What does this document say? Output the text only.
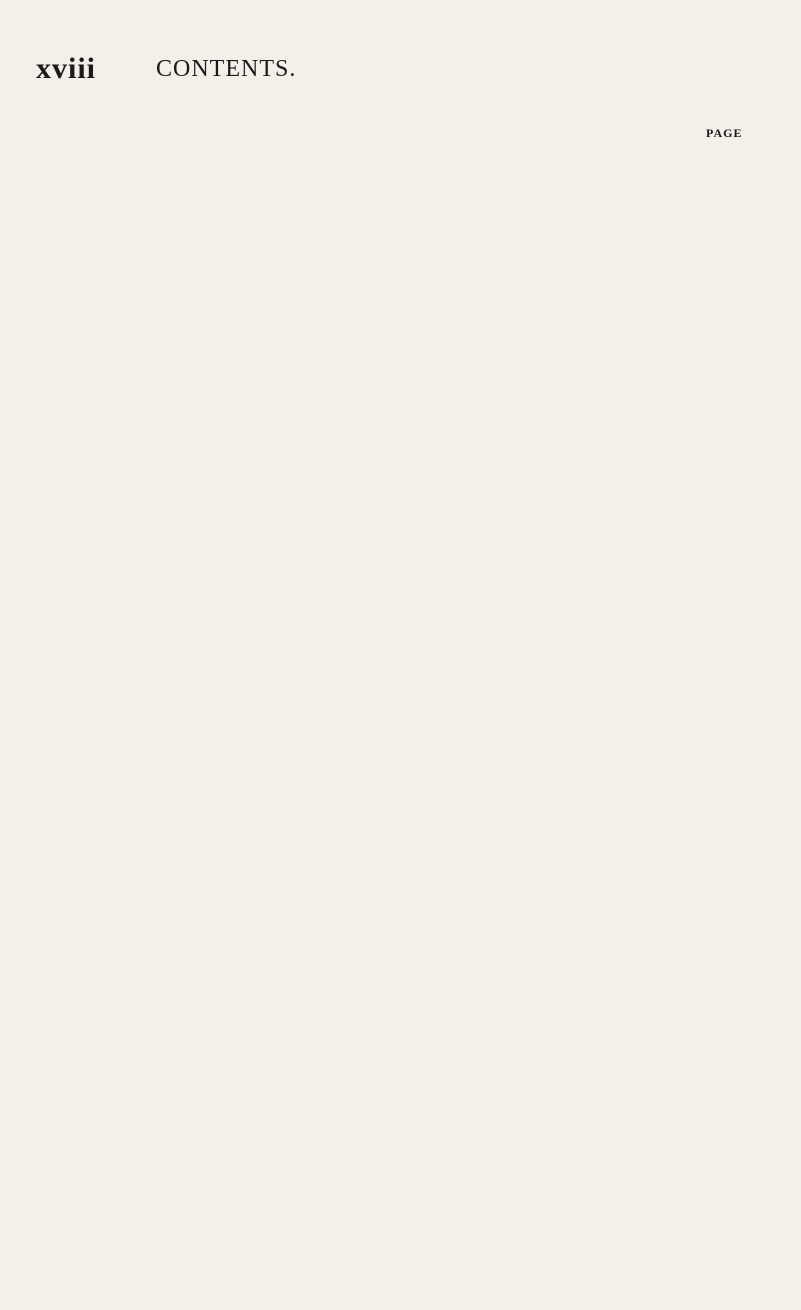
xviii CONTENTS.
PAGE
